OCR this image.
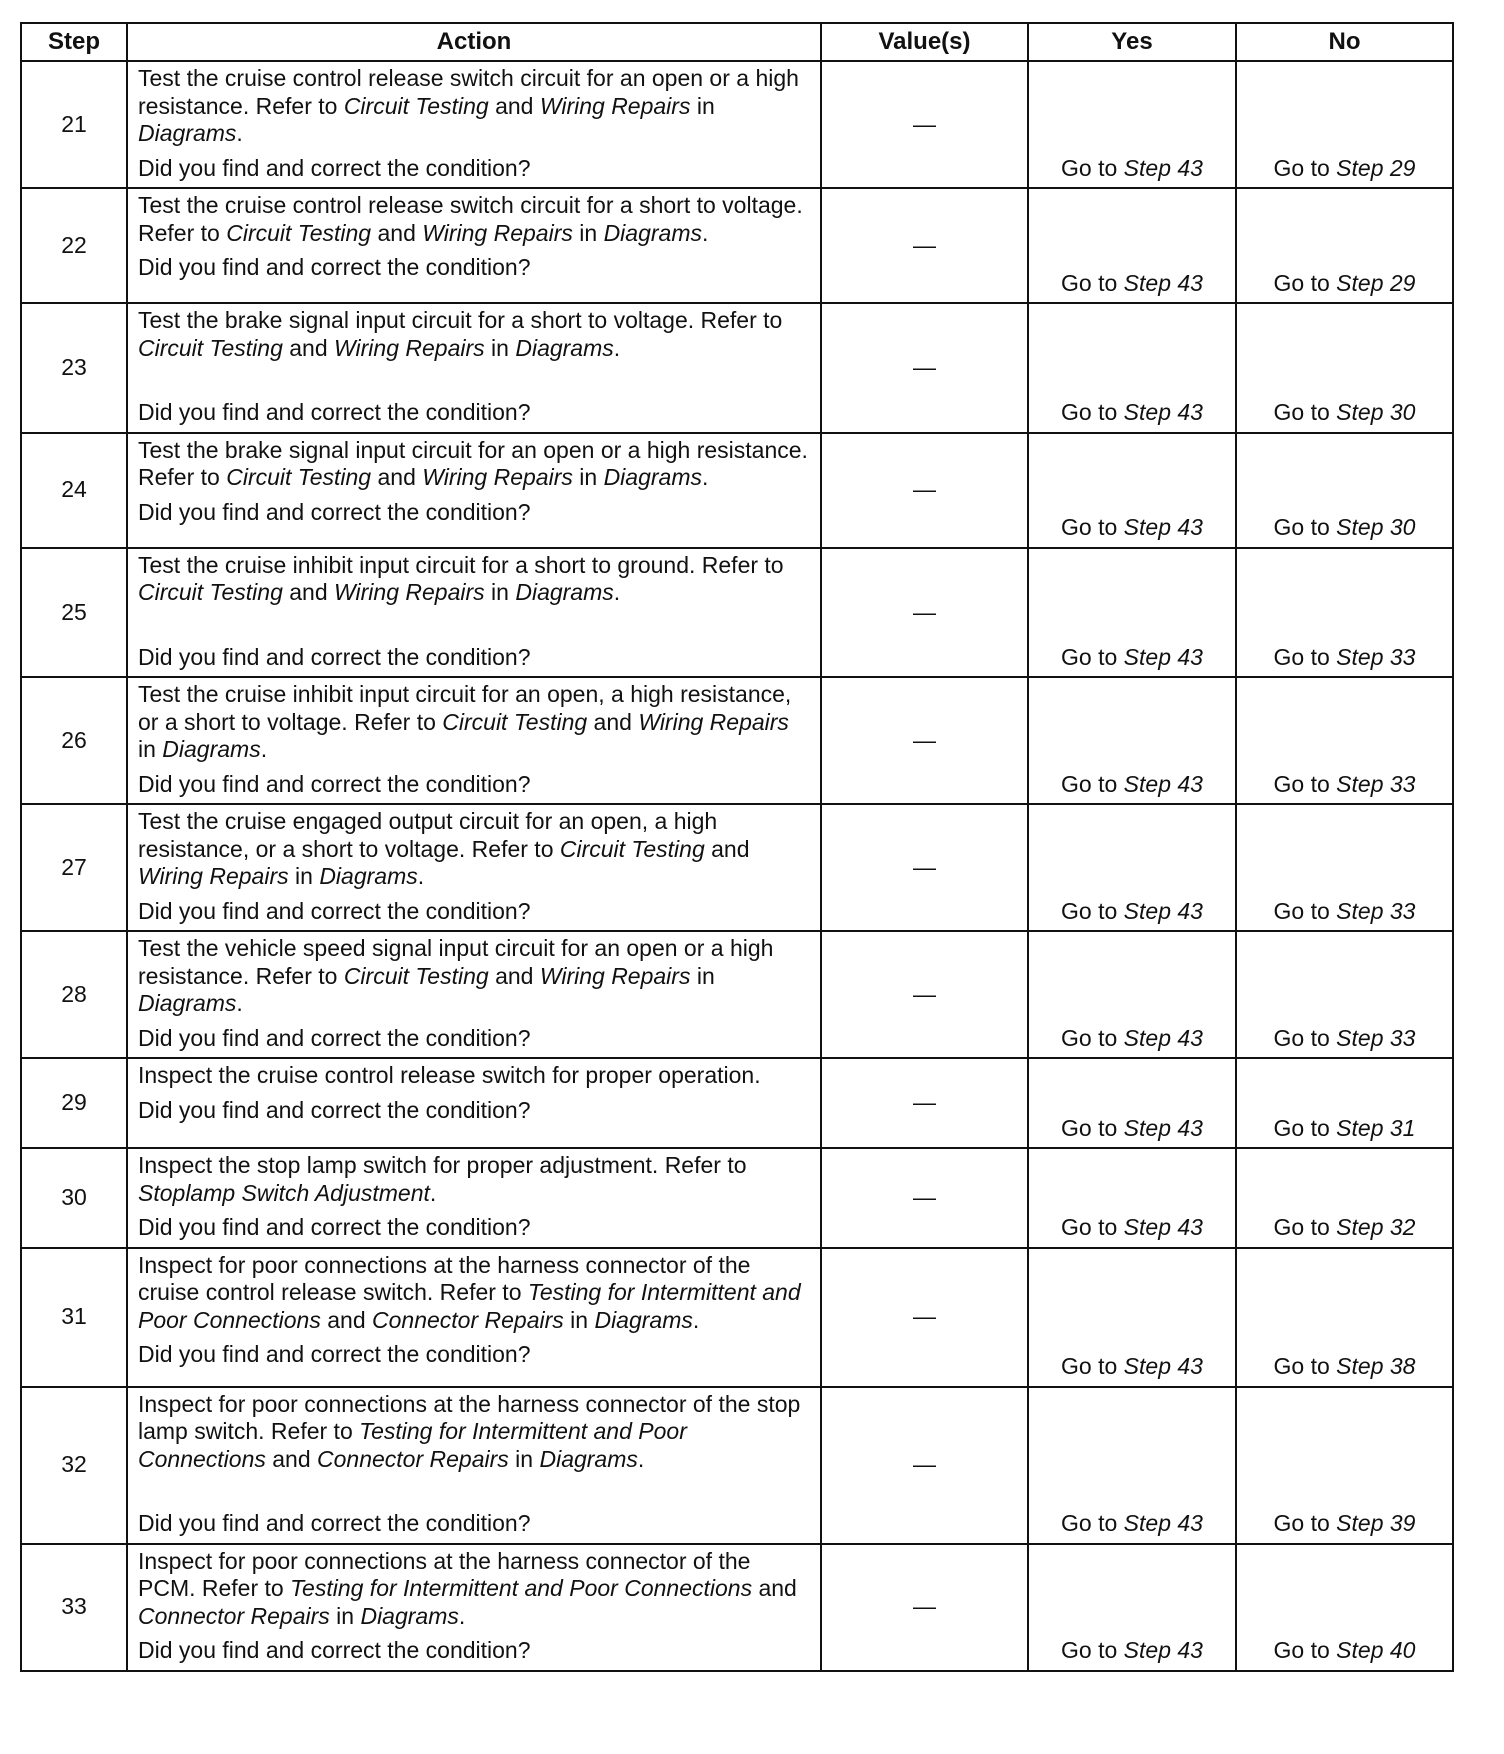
Step	Action	Value(s)	Yes	No
21	Test the cruise control release switch circuit for an open or a high resistance. Refer to Circuit Testing and Wiring Repairs in Diagrams.
Did you find and correct the condition?	—	Go to Step 43	Go to Step 29
22	Test the cruise control release switch circuit for a short to voltage. Refer to Circuit Testing and Wiring Repairs in Diagrams.
Did you find and correct the condition?	—	Go to Step 43	Go to Step 29
23	Test the brake signal input circuit for a short to voltage. Refer to Circuit Testing and Wiring Repairs in Diagrams.
Did you find and correct the condition?	—	Go to Step 43	Go to Step 30
24	Test the brake signal input circuit for an open or a high resistance. Refer to Circuit Testing and Wiring Repairs in Diagrams.
Did you find and correct the condition?	—	Go to Step 43	Go to Step 30
25	Test the cruise inhibit input circuit for a short to ground. Refer to Circuit Testing and Wiring Repairs in Diagrams.
Did you find and correct the condition?	—	Go to Step 43	Go to Step 33
26	Test the cruise inhibit input circuit for an open, a high resistance, or a short to voltage. Refer to Circuit Testing and Wiring Repairs in Diagrams.
Did you find and correct the condition?	—	Go to Step 43	Go to Step 33
27	Test the cruise engaged output circuit for an open, a high resistance, or a short to voltage. Refer to Circuit Testing and Wiring Repairs in Diagrams.
Did you find and correct the condition?	—	Go to Step 43	Go to Step 33
28	Test the vehicle speed signal input circuit for an open or a high resistance. Refer to Circuit Testing and Wiring Repairs in Diagrams.
Did you find and correct the condition?	—	Go to Step 43	Go to Step 33
29	Inspect the cruise control release switch for proper operation.
Did you find and correct the condition?	—	Go to Step 43	Go to Step 31
30	Inspect the stop lamp switch for proper adjustment. Refer to Stoplamp Switch Adjustment.
Did you find and correct the condition?	—	Go to Step 43	Go to Step 32
31	Inspect for poor connections at the harness connector of the cruise control release switch. Refer to Testing for Intermittent and Poor Connections and Connector Repairs in Diagrams.
Did you find and correct the condition?	—	Go to Step 43	Go to Step 38
32	Inspect for poor connections at the harness connector of the stop lamp switch. Refer to Testing for Intermittent and Poor Connections and Connector Repairs in Diagrams.
Did you find and correct the condition?	—	Go to Step 43	Go to Step 39
33	Inspect for poor connections at the harness connector of the PCM. Refer to Testing for Intermittent and Poor Connections and Connector Repairs in Diagrams.
Did you find and correct the condition?	—	Go to Step 43	Go to Step 40
